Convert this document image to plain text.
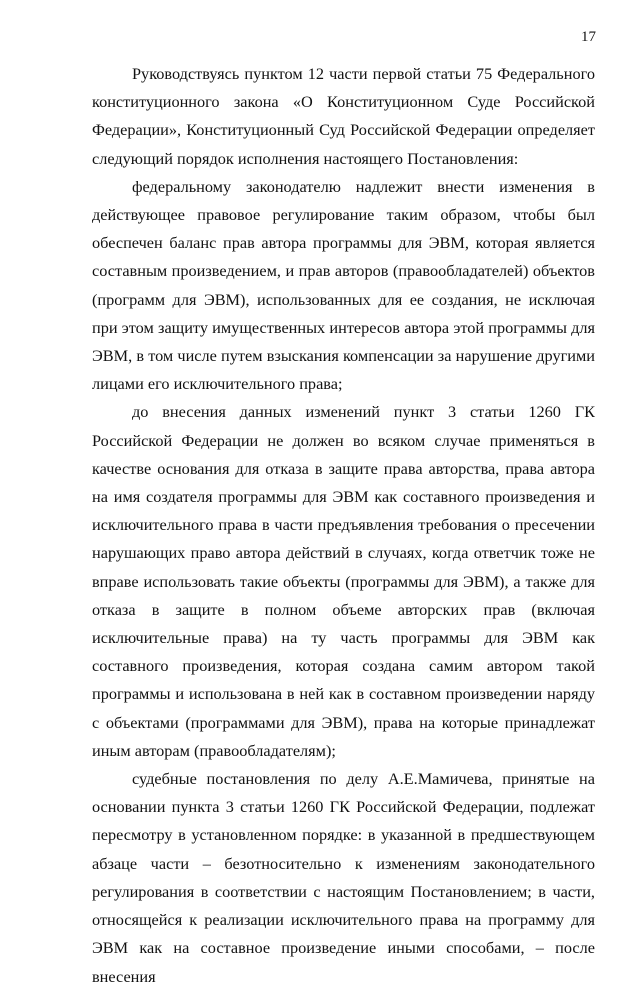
17

Руководствуясь пунктом 12 части первой статьи 75 Федерального конституционного закона «О Конституционном Суде Российской Федерации», Конституционный Суд Российской Федерации определяет следующий порядок исполнения настоящего Постановления:

федеральному законодателю надлежит внести изменения в действующее правовое регулирование таким образом, чтобы был обеспечен баланс прав автора программы для ЭВМ, которая является составным произведением, и прав авторов (правообладателей) объектов (программ для ЭВМ), использованных для ее создания, не исключая при этом защиту имущественных интересов автора этой программы для ЭВМ, в том числе путем взыскания компенсации за нарушение другими лицами его исключительного права;

до внесения данных изменений пункт 3 статьи 1260 ГК Российской Федерации не должен во всяком случае применяться в качестве основания для отказа в защите права авторства, права автора на имя создателя программы для ЭВМ как составного произведения и исключительного права в части предъявления требования о пресечении нарушающих право автора действий в случаях, когда ответчик тоже не вправе использовать такие объекты (программы для ЭВМ), а также для отказа в защите в полном объеме авторских прав (включая исключительные права) на ту часть программы для ЭВМ как составного произведения, которая создана самим автором такой программы и использована в ней как в составном произведении наряду с объектами (программами для ЭВМ), права на которые принадлежат иным авторам (правообладателям);

судебные постановления по делу А.Е.Мамичева, принятые на основании пункта 3 статьи 1260 ГК Российской Федерации, подлежат пересмотру в установленном порядке: в указанной в предшествующем абзаце части – безотносительно к изменениям законодательного регулирования в соответствии с настоящим Постановлением; в части, относящейся к реализации исключительного права на программу для ЭВМ как на составное произведение иными способами, – после внесения
